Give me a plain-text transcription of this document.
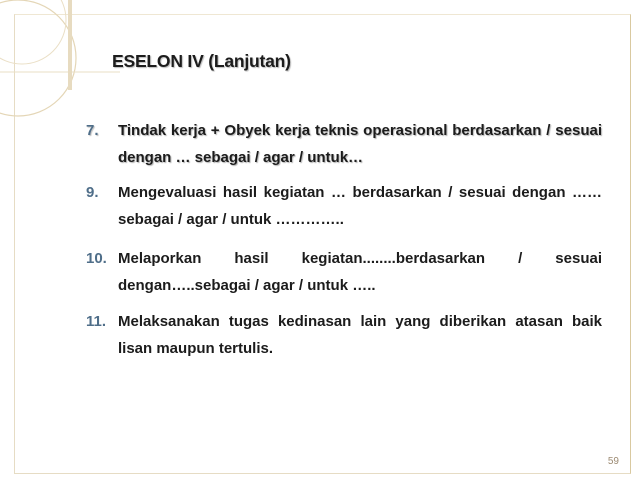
ESELON IV (Lanjutan)
7.	Tindak kerja + Obyek kerja teknis operasional berdasarkan / sesuai dengan … sebagai / agar / untuk…
9.	Mengevaluasi hasil kegiatan … berdasarkan / sesuai dengan …… sebagai / agar / untuk …………..
10. Melaporkan hasil kegiatan........berdasarkan / sesuai dengan…..sebagai / agar / untuk …..
11. Melaksanakan tugas kedinasan lain yang diberikan atasan baik lisan maupun tertulis.
59
